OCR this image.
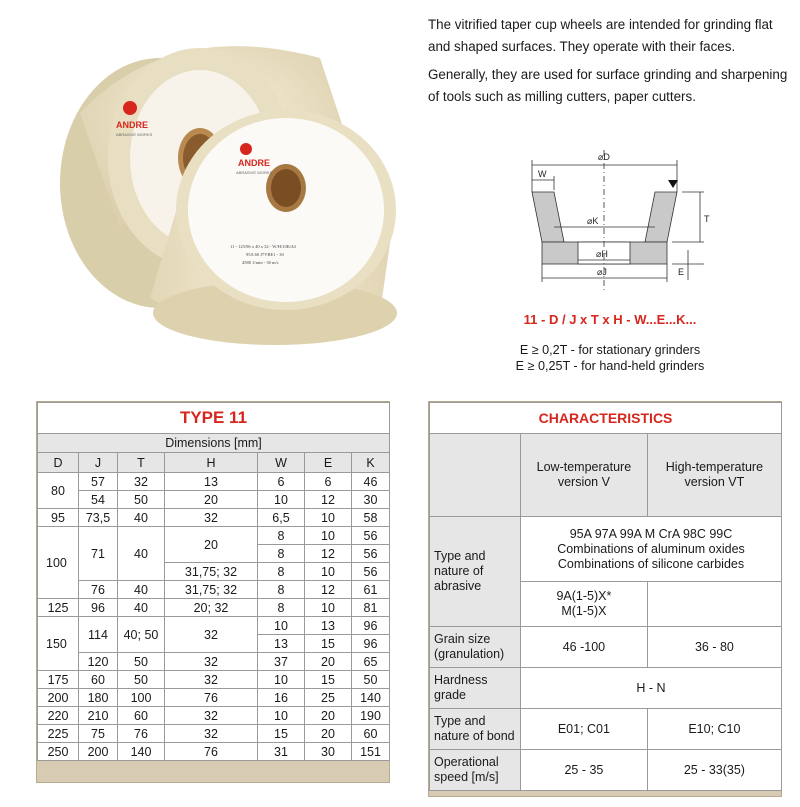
ANDRE
ABRASIVE WORKS
ANDRE
ABRASIVE WORKS
11 - 125/96 x 40 x 32 - W/H/10K/44
95A 60 J7VBE1 - 30
4580 1/min - 30 m/s

The vitrified taper cup wheels are intended for grinding flat and shaped surfaces. They operate with their faces.

Generally, they are used for surface grinding and sharpening of tools such as milling cutters, paper cutters.

⌀D
W
⌀K	T
⌀H
⌀J	E
11 - D / J x T x H - W...E...K...
E ≥ 0,2T - for stationary grinders
E ≥ 0,25T - for hand-held grinders
TYPE 11						
Dimensions [mm]						
D	J	T	H	W	E	K
80	57	32	13	6	6	46
	54	50	20	10	12	30
95	73,5	40	32	6,5	10	58
100	71	40	20	8	10	56
				8	12	56
			31,75; 32	8	10	56
	76	40	31,75; 32	8	12	61
125	96	40	20; 32	8	10	81
150	114	40; 50	32	10	13	96
				13	15	96
	120	50	32	37	20	65
175	60	50	32	10	15	50
200	180	100	76	16	25	140
220	210	60	32	10	20	190
225	75	76	32	15	20	60
250	200	140	76	31	30	151
CHARACTERISTICS		
	Low-temperature version V	High-temperature version VT
Type and nature of abrasive	95A 97A 99A M CrA 98C 99C
Combinations of aluminum oxides
Combinations of silicone carbides	

	9A(1-5)X*
M(1-5)X	

Grain size (granulation)	46 -100	36 - 80
Hardness grade	H - N	
Type and nature of bond	E01; C01	E10; C10
Operational speed [m/s]	25 - 35	25 - 33(35)
